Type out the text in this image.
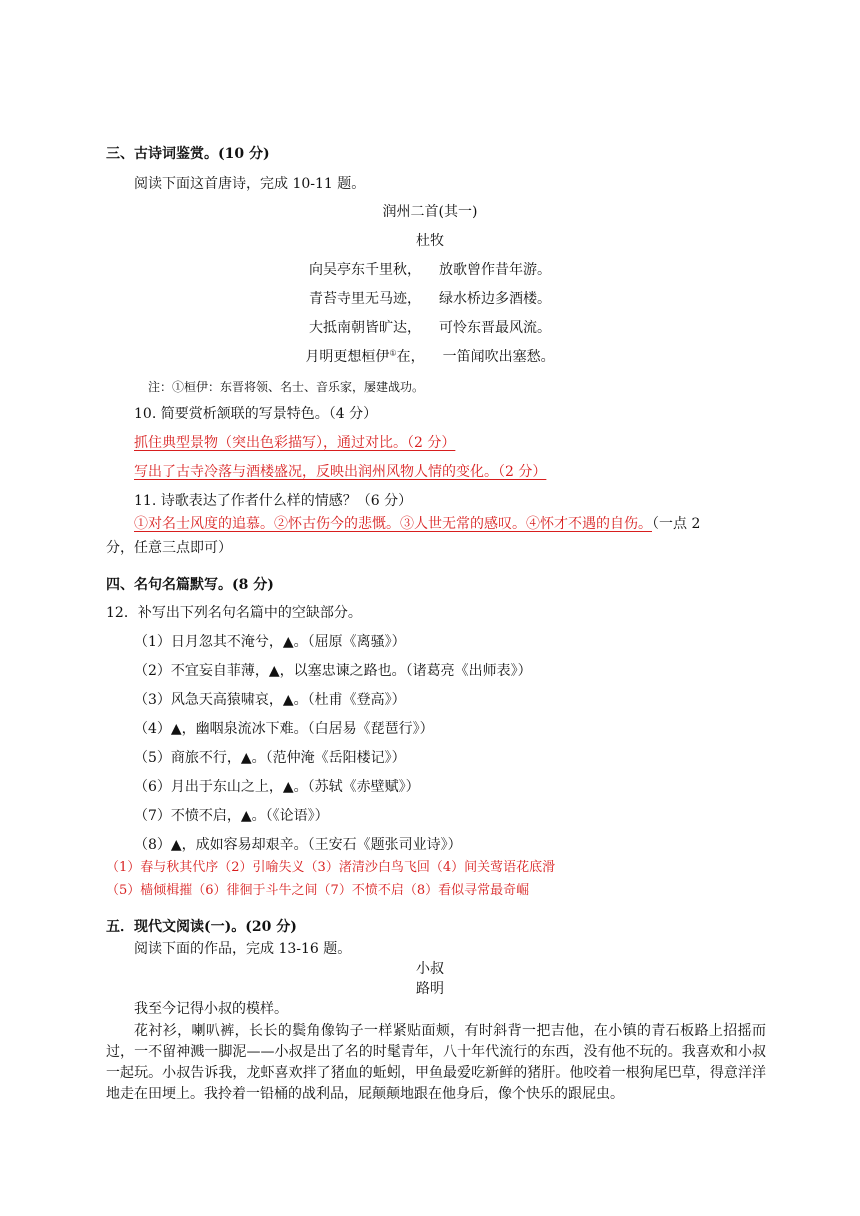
三、古诗词鉴赏。(10 分)
阅读下面这首唐诗，完成 10-11 题。
润州二首(其一)
杜牧
向吴亭东千里秋， 放歌曾作昔年游。
青苔寺里无马迹， 绿水桥边多酒楼。
大抵南朝皆旷达， 可怜东晋最风流。
月明更想桓伊①在， 一笛闻吹出塞愁。
注：①桓伊：东晋将领、名士、音乐家，屡建战功。
10. 简要赏析颔联的写景特色。（4 分）
抓住典型景物（突出色彩描写），通过对比。（2 分）
写出了古寺冷落与酒楼盛况，反映出润州风物人情的变化。（2 分）
11. 诗歌表达了作者什么样的情感？（6 分）
①对名士风度的追慕。②怀古伤今的悲慨。③人世无常的感叹。④怀才不遇的自伤。（一点 2
分，任意三点即可）
四、名句名篇默写。(8 分)
12．补写出下列名句名篇中的空缺部分。
（1）日月忽其不淹兮，▲。（屈原《离骚》）
（2）不宜妄自菲薄，▲，以塞忠谏之路也。（诸葛亮《出师表》）
（3）风急天高猿啸哀，▲。（杜甫《登高》）
（4）▲，幽咽泉流冰下难。（白居易《琵琶行》）
（5）商旅不行，▲。（范仲淹《岳阳楼记》）
（6）月出于东山之上，▲。（苏轼《赤壁赋》）
（7）不愤不启，▲。（《论语》）
（8）▲，成如容易却艰辛。（王安石《题张司业诗》）
（1）春与秋其代序（2）引喻失义（3）渚清沙白鸟飞回（4）间关莺语花底滑
（5）樯倾楫摧（6）徘徊于斗牛之间（7）不愤不启（8）看似寻常最奇崛
五．现代文阅读(一)。(20 分)
阅读下面的作品，完成 13-16 题。
小叔
路明
我至今记得小叔的模样。
花衬衫，喇叭裤，长长的鬓角像钩子一样紧贴面颊，有时斜背一把吉他，在小镇的青石板路上招摇而过，一不留神溅一脚泥——小叔是出了名的时髦青年，八十年代流行的东西，没有他不玩的。我喜欢和小叔一起玩。小叔告诉我，龙虾喜欢拌了猪血的蚯蚓，甲鱼最爱吃新鲜的猪肝。他咬着一根狗尾巴草，得意洋洋地走在田埂上。我拎着一铅桶的战利品，屁颠颠地跟在他身后，像个快乐的跟屁虫。
